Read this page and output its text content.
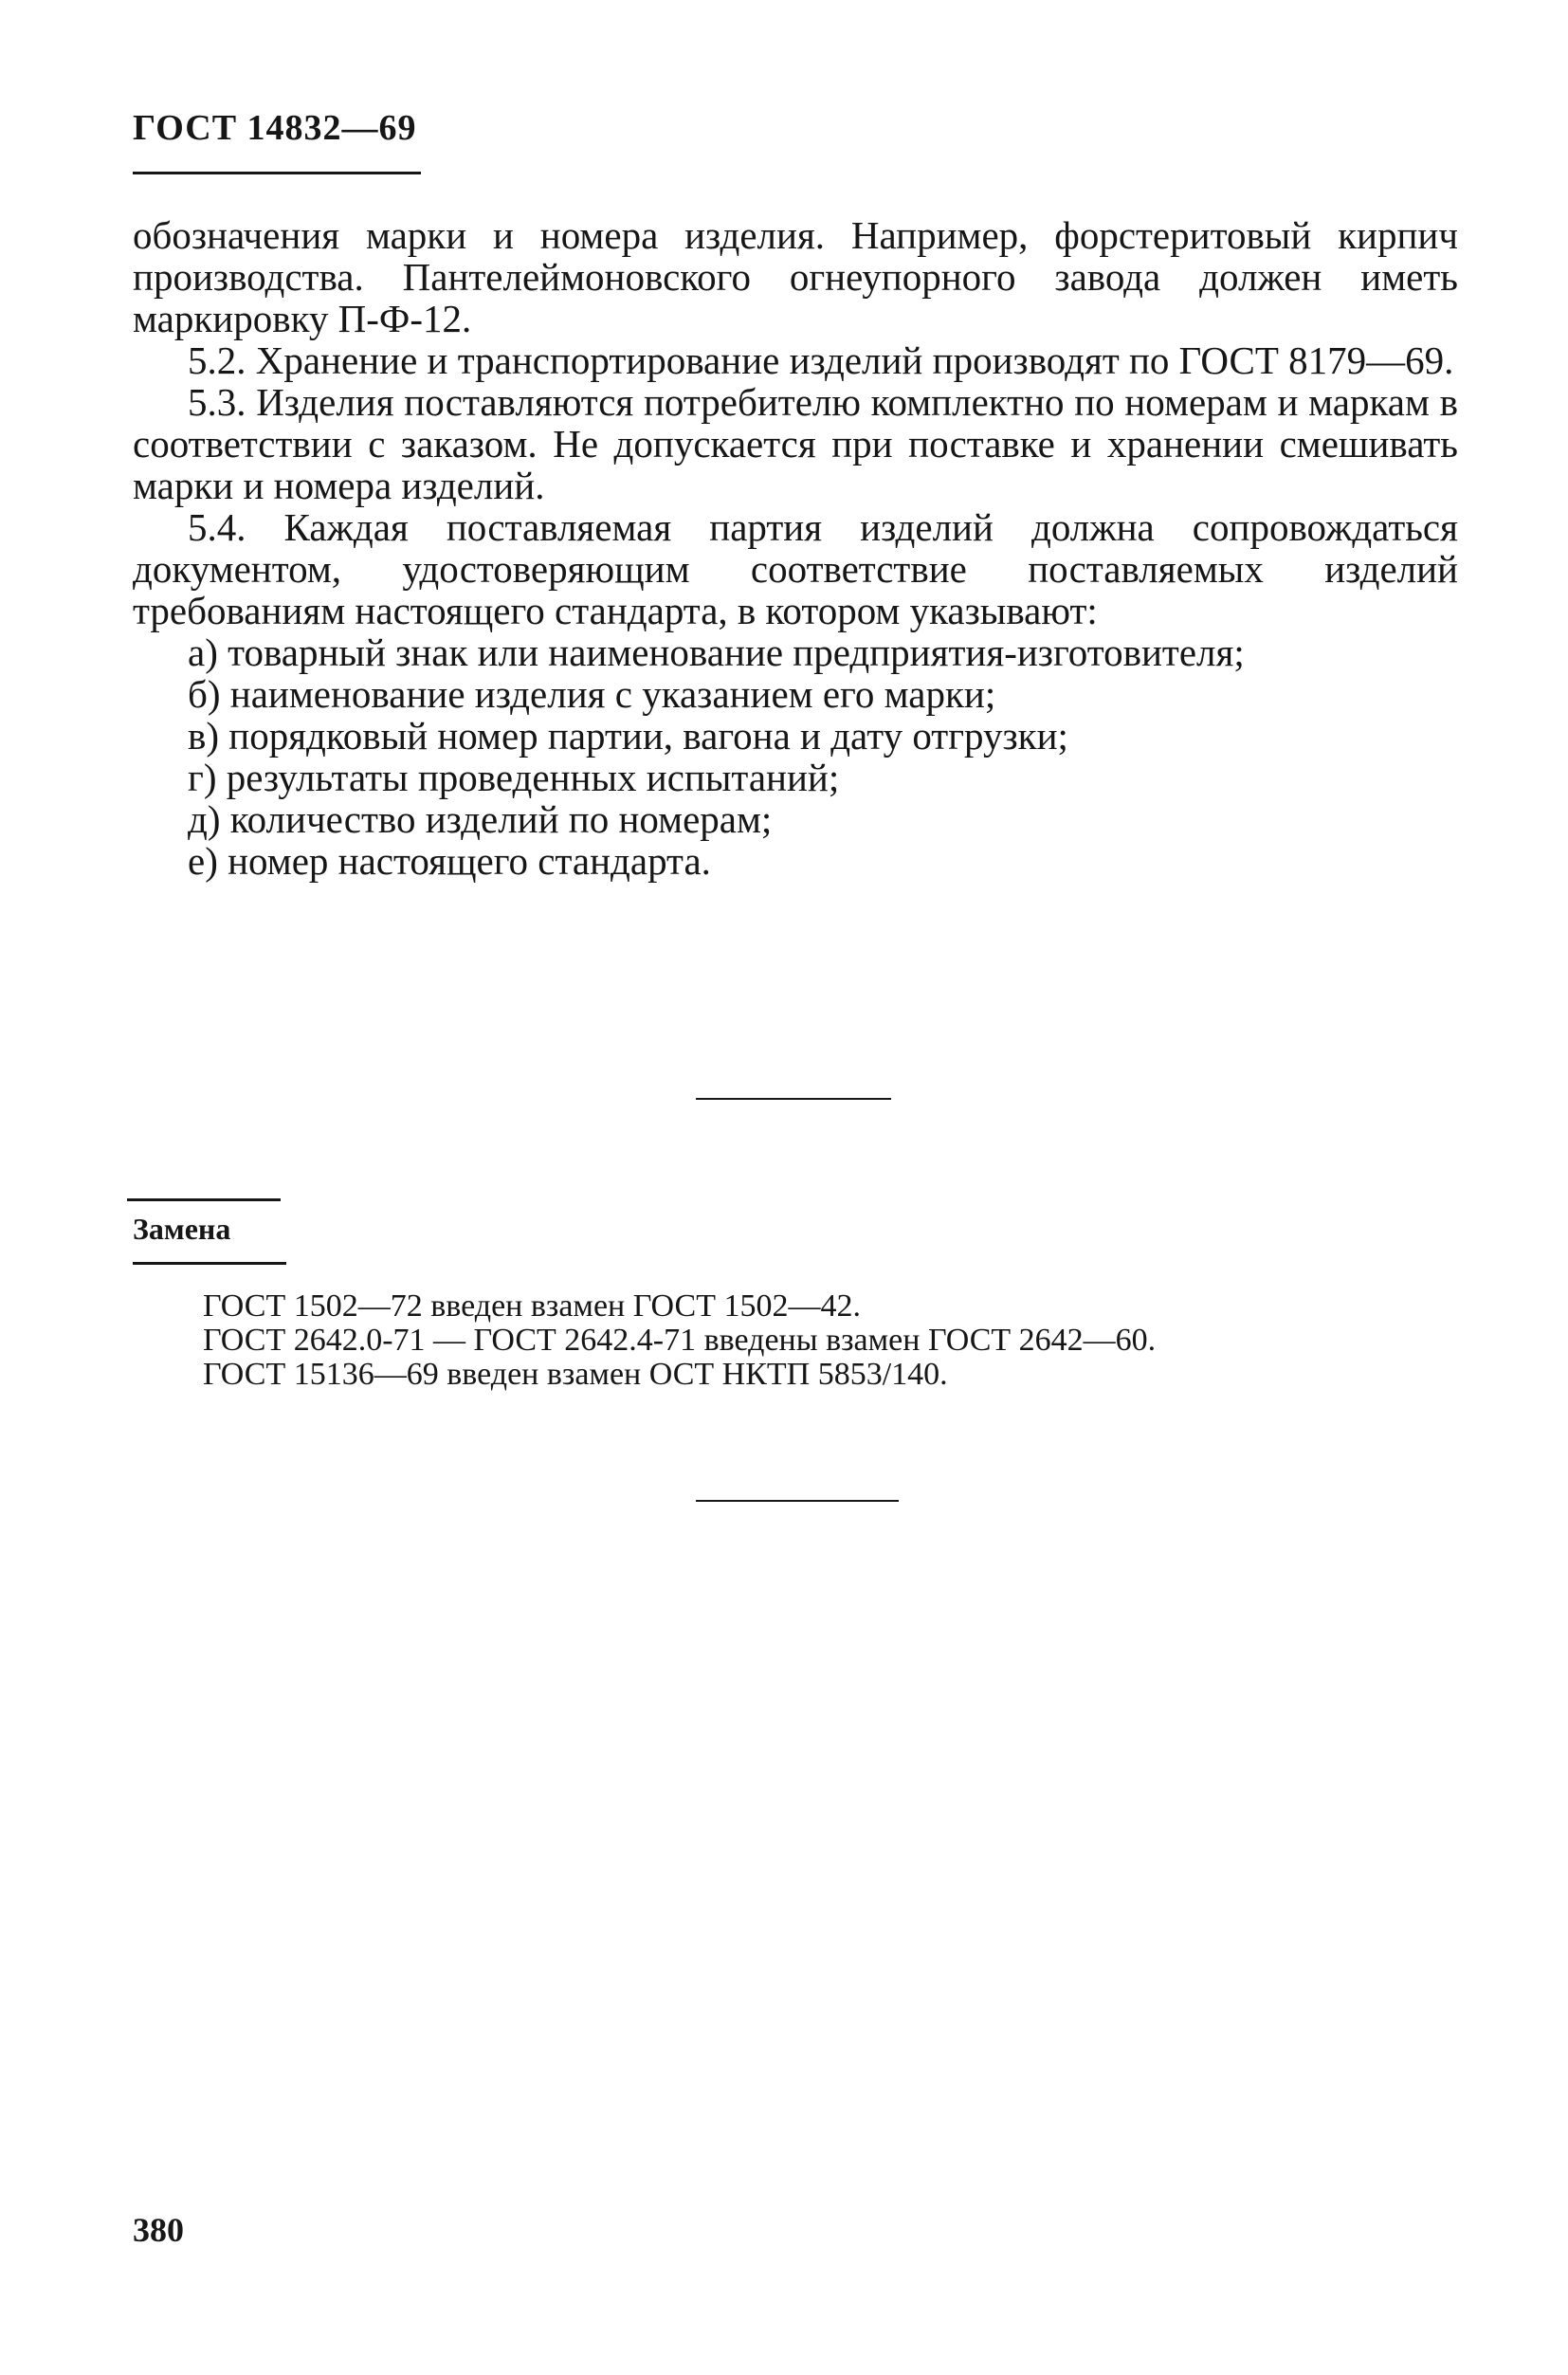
ГОСТ 14832—69

обозначения марки и номера изделия. Например, форстеритовый кирпич производства. Пантелеймоновского огнеупорного завода должен иметь маркировку П-Ф-12.

5.2. Хранение и транспортирование изделий производят по ГОСТ 8179—69.

5.3. Изделия поставляются потребителю комплектно по номерам и маркам в соответствии с заказом. Не допускается при поставке и хранении смешивать марки и номера изделий.

5.4. Каждая поставляемая партия изделий должна сопровождаться документом, удостоверяющим соответствие поставляемых изделий требованиям настоящего стандарта, в котором указывают:

а) товарный знак или наименование предприятия-изготовителя;

б) наименование изделия с указанием его марки;

в) порядковый номер партии, вагона и дату отгрузки;

г) результаты проведенных испытаний;

д) количество изделий по номерам;

е) номер настоящего стандарта.

Замена

ГОСТ 1502—72 введен взамен ГОСТ 1502—42.

ГОСТ 2642.0-71 — ГОСТ 2642.4-71 введены взамен ГОСТ 2642—60.

ГОСТ 15136—69 введен взамен ОСТ НКТП 5853/140.

380
